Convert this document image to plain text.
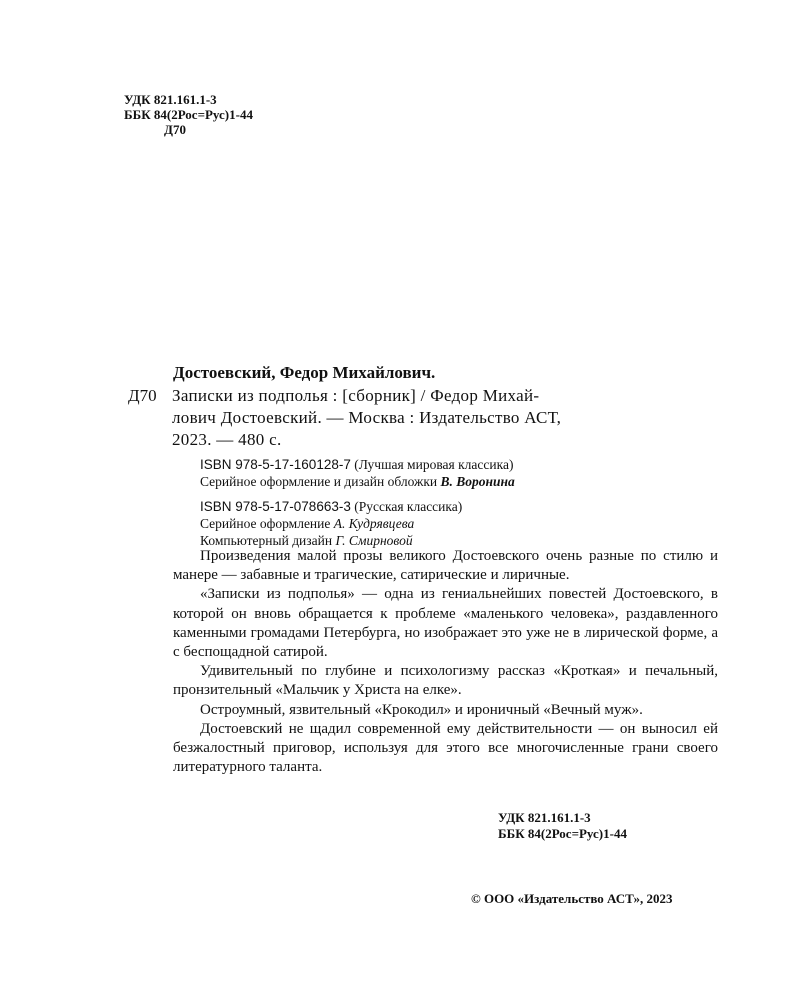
УДК 821.161.1-3
ББК 84(2Рос=Рус)1-44
Д70
Достоевский, Федор Михайлович.
Д70 Записки из подполья : [сборник] / Федор Михай-
лович Достоевский. — Москва : Издательство АСТ,
2023. — 480 с.
ISBN 978-5-17-160128-7 (Лучшая мировая классика)
Серийное оформление и дизайн обложки В. Воронина
ISBN 978-5-17-078663-3 (Русская классика)
Серийное оформление А. Кудрявцева
Компьютерный дизайн Г. Смирновой

Произведения малой прозы великого Достоевского очень разные по стилю и манере — забавные и трагические, сатирические и лиричные.

«Записки из подполья» — одна из гениальнейших повестей Достоевского, в которой он вновь обращается к проблеме «маленького человека», раздавленного каменными громадами Петербурга, но изображает это уже не в лирической форме, а с беспощадной сатирой.

Удивительный по глубине и психологизму рассказ «Кроткая» и печальный, пронзительный «Мальчик у Христа на елке».

Остроумный, язвительный «Крокодил» и ироничный «Вечный муж».

Достоевский не щадил современной ему действительности — он выносил ей безжалостный приговор, используя для этого все многочисленные грани своего литературного таланта.

УДК 821.161.1-3
ББК 84(2Рос=Рус)1-44
© ООО «Издательство АСТ», 2023
